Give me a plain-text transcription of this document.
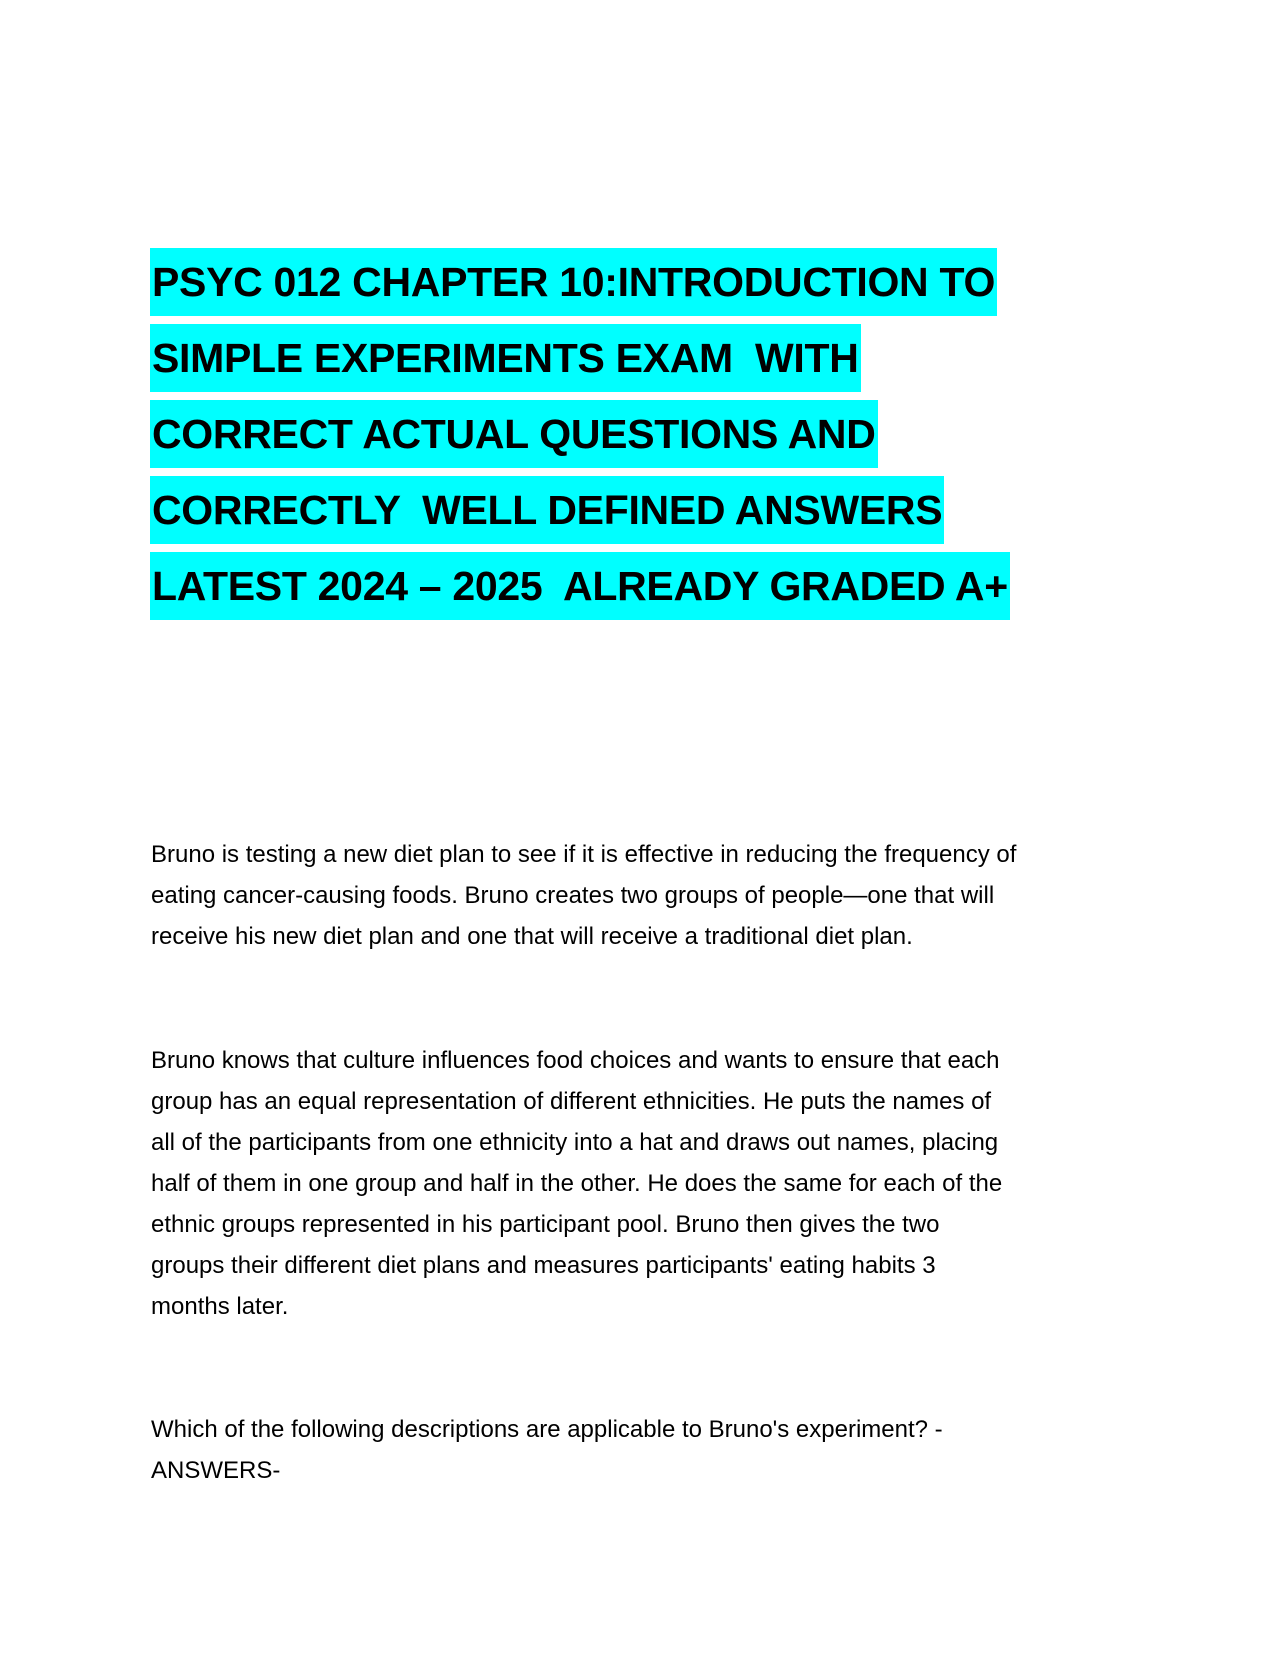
PSYC 012 CHAPTER 10:INTRODUCTION TO
SIMPLE EXPERIMENTS EXAM  WITH
CORRECT ACTUAL QUESTIONS AND
CORRECTLY  WELL DEFINED ANSWERS
LATEST 2024 – 2025  ALREADY GRADED A+
Bruno is testing a new diet plan to see if it is effective in reducing the frequency of
eating cancer-causing foods. Bruno creates two groups of people—one that will
receive his new diet plan and one that will receive a traditional diet plan.
Bruno knows that culture influences food choices and wants to ensure that each
group has an equal representation of different ethnicities. He puts the names of
all of the participants from one ethnicity into a hat and draws out names, placing
half of them in one group and half in the other. He does the same for each of the
ethnic groups represented in his participant pool. Bruno then gives the two
groups their different diet plans and measures participants' eating habits 3
months later.
Which of the following descriptions are applicable to Bruno's experiment? -
ANSWERS-
